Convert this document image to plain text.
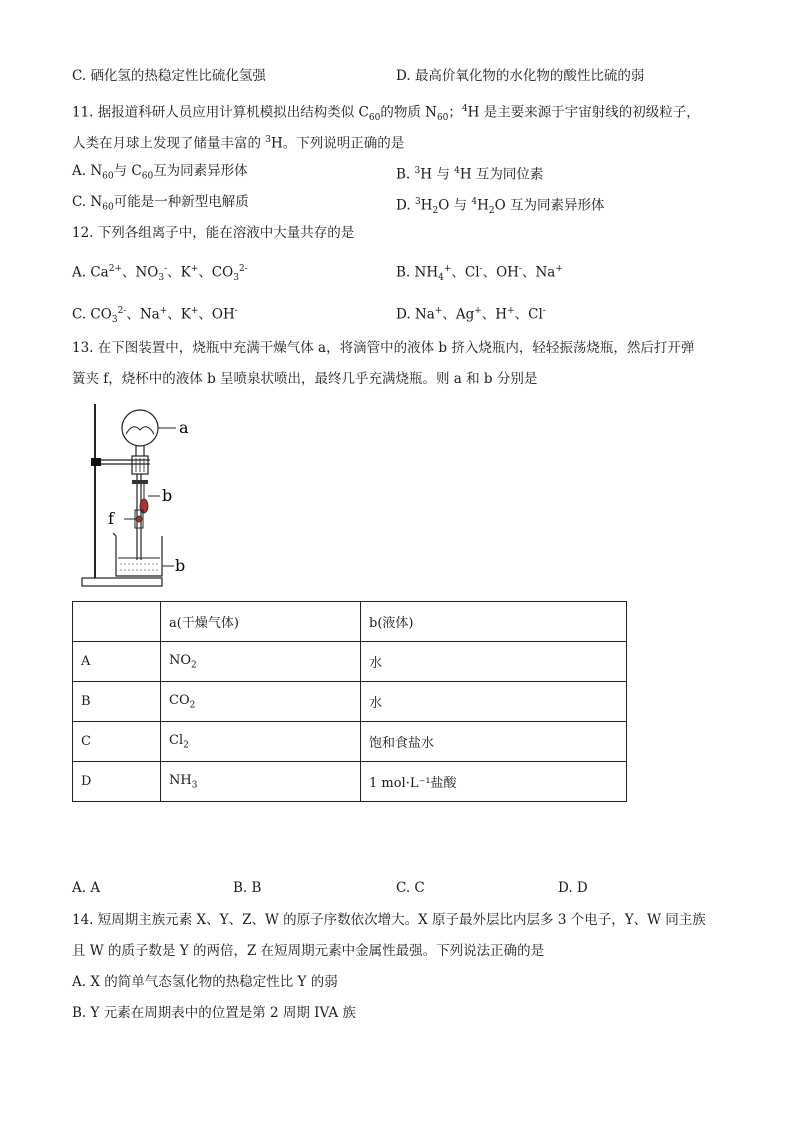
C. 硒化氢的热稳定性比硫化氢强	D. 最高价氧化物的水化物的酸性比硫的弱
11. 据报道科研人员应用计算机模拟出结构类似 $C_{60}$的物质 $N_{60}$；$^4$H 是主要来源于宇宙射线的初级粒子，
人类在月球上发现了储量丰富的 $^3$H。下列说明正确的是
A. $N_{60}$与 $C_{60}$互为同素异形体	B. $^3$H 与 $^4$H 互为同位素
C. $N_{60}$可能是一种新型电解质	D. $^3H_2O$ 与 $^4H_2O$ 互为同素异形体
12. 下列各组离子中，能在溶液中大量共存的是
A. $Ca^{2+}$、$NO_3^-$、K+、$CO_3^{2-}$	B. $NH_4^+$、Cl-、OH-、Na+
C. $CO_3^{2-}$、Na+、K+、OH-	D. Na+、Ag+、H+、Cl-
13. 在下图装置中，烧瓶中充满干燥气体 a，将滴管中的液体 b 挤入烧瓶内，轻轻振荡烧瓶，然后打开弹
簧夹 f，烧杯中的液体 b 呈喷泉状喷出，最终几乎充满烧瓶。则 a 和 b 分别是
a
b
f
b
	a(干燥气体)	b(液体)
A	$NO_2$	水
B	$CO_2$	水
C	$Cl_2$	饱和食盐水
D	$NH_3$	1 mol·L⁻¹盐酸
A. A	B. B	C. C	D. D
14. 短周期主族元素 X、Y、Z、W 的原子序数依次增大。X 原子最外层比内层多 3 个电子，Y、W 同主族
且 W 的质子数是 Y 的两倍，Z 在短周期元素中金属性最强。下列说法正确的是
A. X 的简单气态氢化物的热稳定性比 Y 的弱
B. Y 元素在周期表中的位置是第 2 周期 IVA 族
